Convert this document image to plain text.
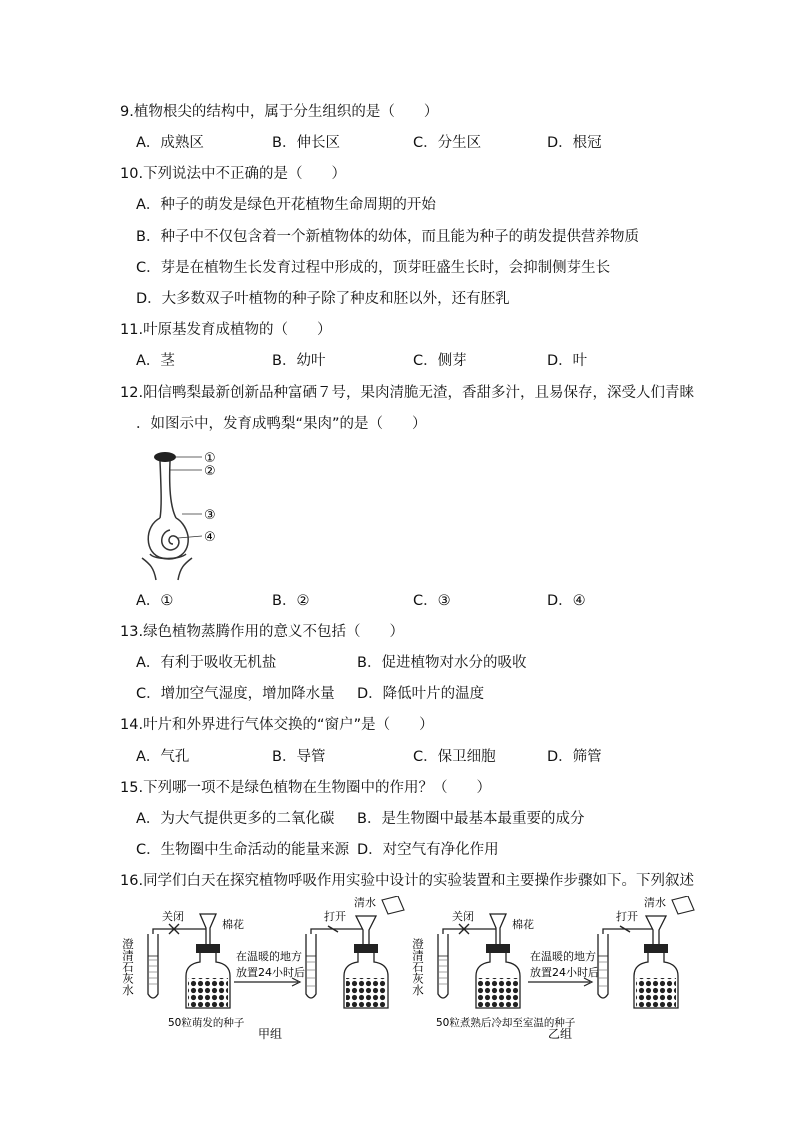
9.植物根尖的结构中，属于分生组织的是（　　）
A．成熟区	B．伸长区	C．分生区	D．根冠
10.下列说法中不正确的是（　　）
A．种子的萌发是绿色开花植物生命周期的开始
B．种子中不仅包含着一个新植物体的幼体，而且能为种子的萌发提供营养物质
C．芽是在植物生长发育过程中形成的，顶芽旺盛生长时，会抑制侧芽生长
D．大多数双子叶植物的种子除了种皮和胚以外，还有胚乳
11.叶原基发育成植物的（　　）
A．茎	B．幼叶	C．侧芽	D．叶
12.阳信鸭梨最新创新品种富硒７号，果肉清脆无渣，香甜多汁，且易保存，深受人们青睐
．如图示中，发育成鸭梨“果肉”的是（　　）
①
②
③
④
A．①	B．②	C．③	D．④
13.绿色植物蒸腾作用的意义不包括（　　）
A．有利于吸收无机盐	B．促进植物对水分的吸收
C．增加空气湿度，增加降水量 D．降低叶片的温度
14.叶片和外界进行气体交换的“窗户”是（　　）
A．气孔	B．导管	C．保卫细胞	D．筛管
15.下列哪一项不是绿色植物在生物圈中的作用？（　　）
A．为大气提供更多的二氧化碳 B．是生物圈中最基本最重要的成分
C．生物圈中生命活动的能量来源 D．对空气有净化作用
16.同学们白天在探究植物呼吸作用实验中设计的实验装置和主要操作步骤如下。下列叙述
澄清石灰水
关闭
棉花
50粒萌发的种子
在温暖的地方
放置24小时后
打开
清水
甲组
澄清石灰水
关闭
棉花
50粒煮熟后冷却至室温的种子
在温暖的地方
放置24小时后
打开
清水
乙组
